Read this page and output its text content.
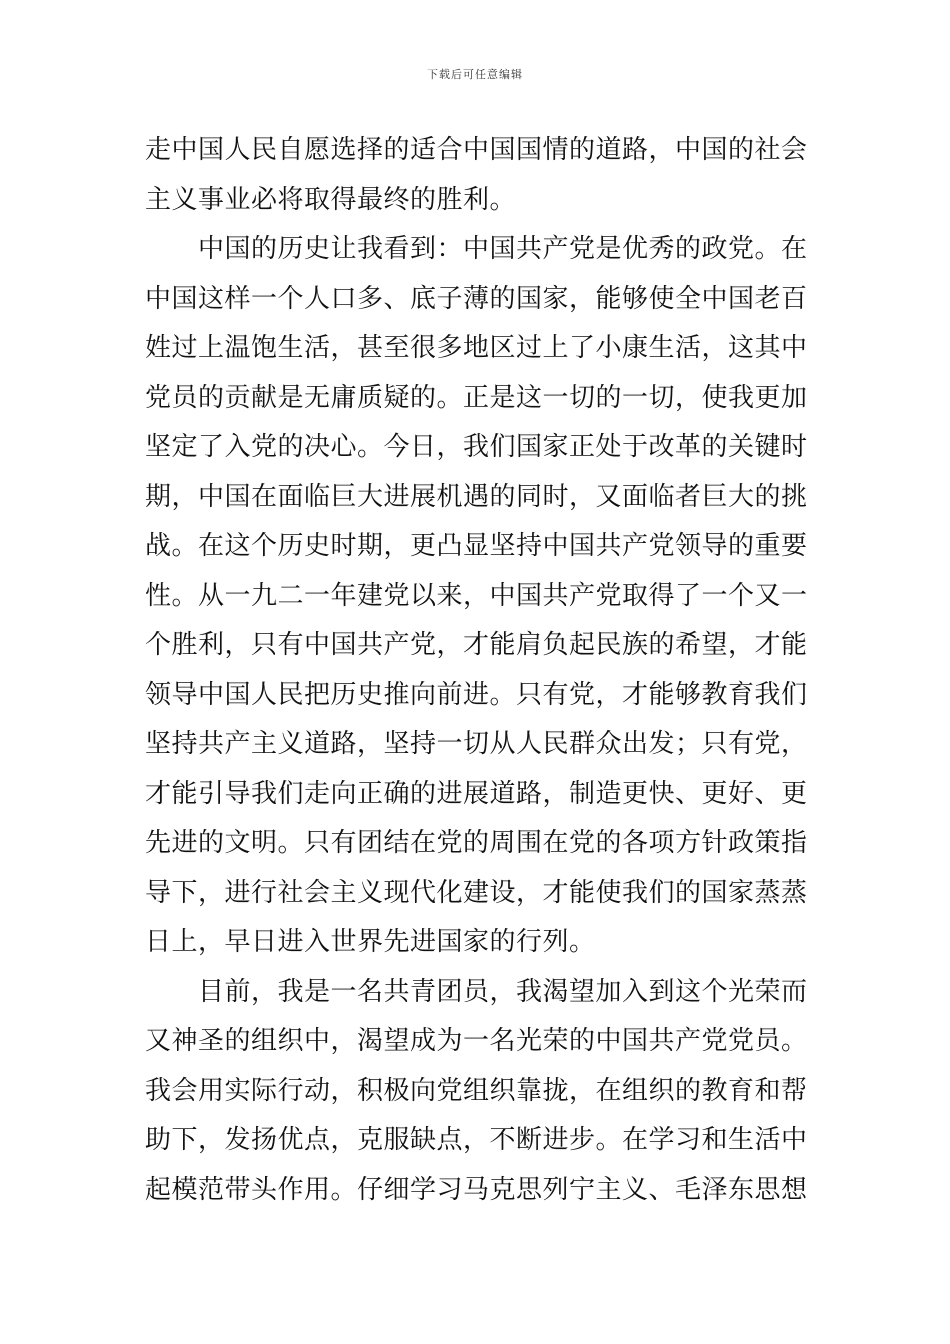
下载后可任意编辑
走中国人民自愿选择的适合中国国情的道路，中国的社会
主义事业必将取得最终的胜利。
　　中国的历史让我看到：中国共产党是优秀的政党。在
中国这样一个人口多、底子薄的国家，能够使全中国老百
姓过上温饱生活，甚至很多地区过上了小康生活，这其中
党员的贡献是无庸质疑的。正是这一切的一切，使我更加
坚定了入党的决心。今日，我们国家正处于改革的关键时
期，中国在面临巨大进展机遇的同时，又面临者巨大的挑
战。在这个历史时期，更凸显坚持中国共产党领导的重要
性。从一九二一年建党以来，中国共产党取得了一个又一
个胜利，只有中国共产党，才能肩负起民族的希望，才能
领导中国人民把历史推向前进。只有党，才能够教育我们
坚持共产主义道路，坚持一切从人民群众出发；只有党，
才能引导我们走向正确的进展道路，制造更快、更好、更
先进的文明。只有团结在党的周围在党的各项方针政策指
导下，进行社会主义现代化建设，才能使我们的国家蒸蒸
日上，早日进入世界先进国家的行列。
　　目前，我是一名共青团员，我渴望加入到这个光荣而
又神圣的组织中，渴望成为一名光荣的中国共产党党员。
我会用实际行动，积极向党组织靠拢，在组织的教育和帮
助下，发扬优点，克服缺点，不断进步。在学习和生活中
起模范带头作用。仔细学习马克思列宁主义、毛泽东思想
